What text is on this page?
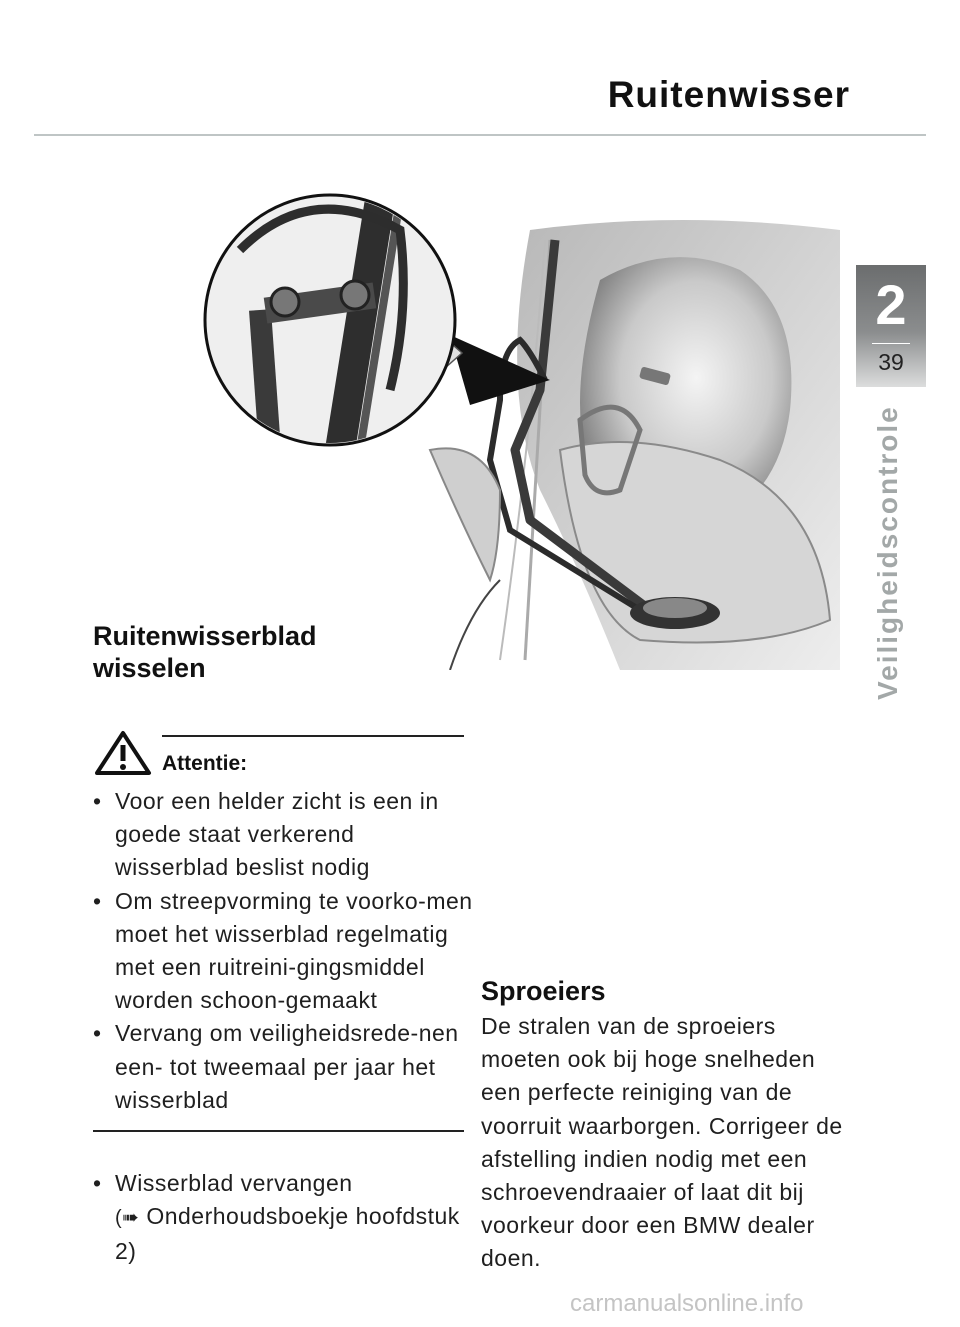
Ruitenwisser
2
39
Veiligheidscontrole
Ruitenwisserblad
wisselen
Attentie:

• Voor een helder zicht is een in goede staat verkerend wisserblad beslist nodig

• Om streepvorming te voorko-men moet het wisserblad regelmatig met een ruitreini-gingsmiddel worden schoon-gemaakt

• Vervang om veiligheidsrede-nen een- tot tweemaal per jaar het wisserblad

• Wisserblad vervangen

(➠ Onderhoudsboekje hoofdstuk 2)

Sproeiers
De stralen van de sproeiers moeten ook bij hoge snelheden een perfecte reiniging van de voorruit waarborgen. Corrigeer de afstelling indien nodig met een schroevendraaier of laat dit bij voorkeur door een BMW dealer doen.
carmanualsonline.info
